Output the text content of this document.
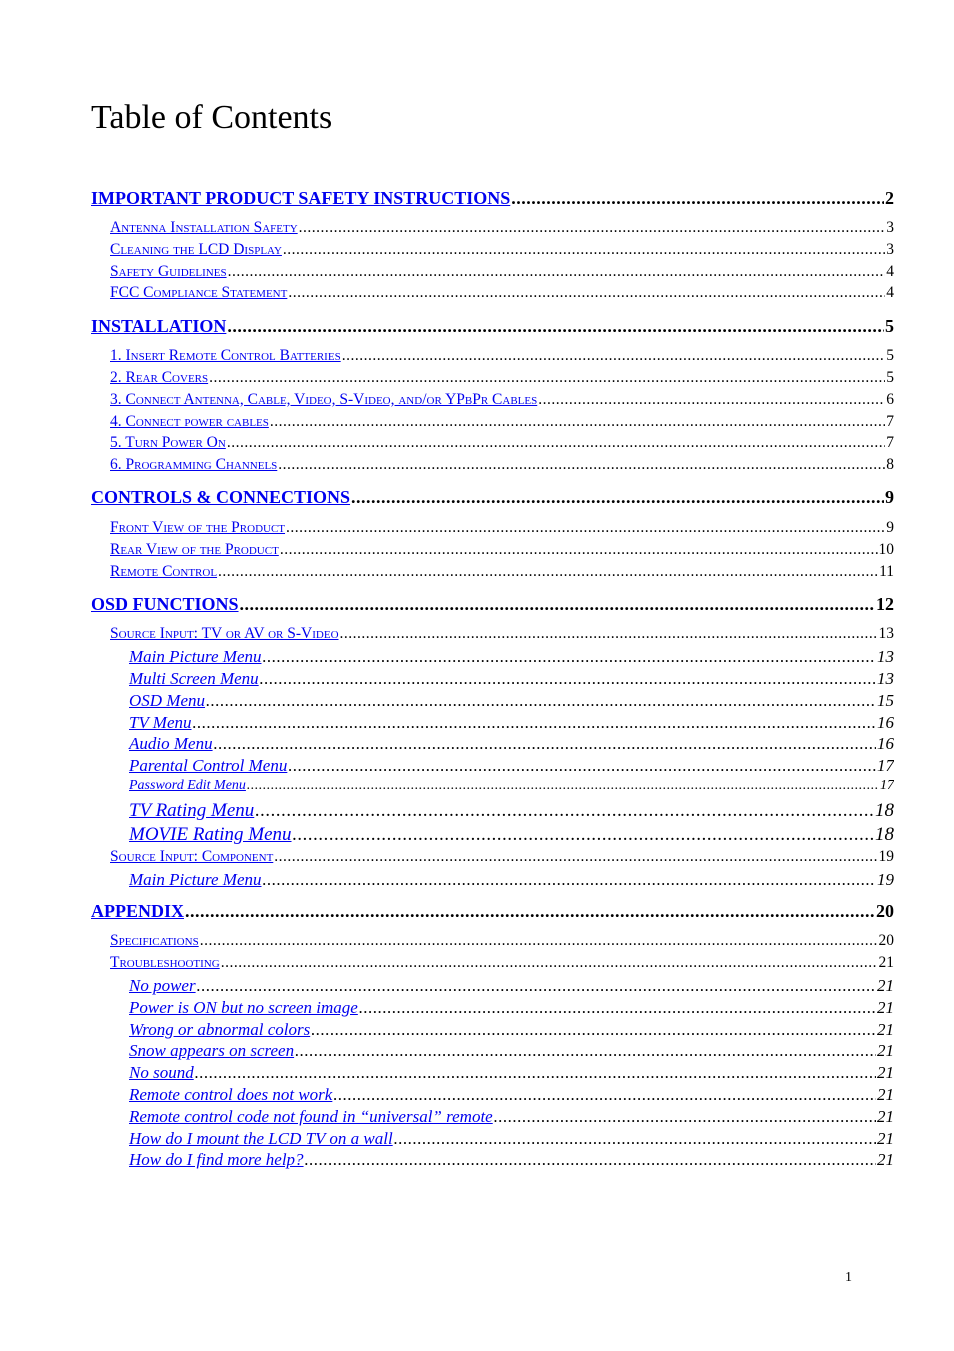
Table of Contents
IMPORTANT PRODUCT SAFETY INSTRUCTIONS .....	2
Antenna Installation Safety .....	3
Cleaning the LCD Display .....	3
Safety Guidelines .....	4
FCC Compliance Statement .....	4
INSTALLATION .....	5
1. Insert Remote Control Batteries .....	5
2. Rear Covers .....	5
3. Connect Antenna, Cable, Video, S-Video, and/or YPbPr Cables .....	6
4. Connect power cables .....	7
5. Turn Power On .....	7
6. Programming Channels .....	8
CONTROLS & CONNECTIONS .....	9
Front View of the Product .....	9
Rear View of the Product .....	10
Remote Control .....	11
OSD FUNCTIONS .....	12
Source Input: TV or AV or S-Video .....	13
Main Picture Menu .....	13
Multi Screen Menu .....	13
OSD Menu .....	15
TV Menu .....	16
Audio Menu .....	16
Parental Control Menu .....	17
Password Edit Menu .....	17
TV Rating Menu .....	18
MOVIE Rating Menu .....	18
Source Input: Component .....	19
Main Picture Menu .....	19
APPENDIX .....	20
Specifications .....	20
Troubleshooting .....	21
No power .....	21
Power is ON but no screen image .....	21
Wrong or abnormal colors .....	21
Snow appears on screen .....	21
No sound .....	21
Remote control does not work .....	21
Remote control code not found in “universal” remote .....	21
How do I mount the LCD TV on a wall .....	21
How do I find more help? .....	21
1
